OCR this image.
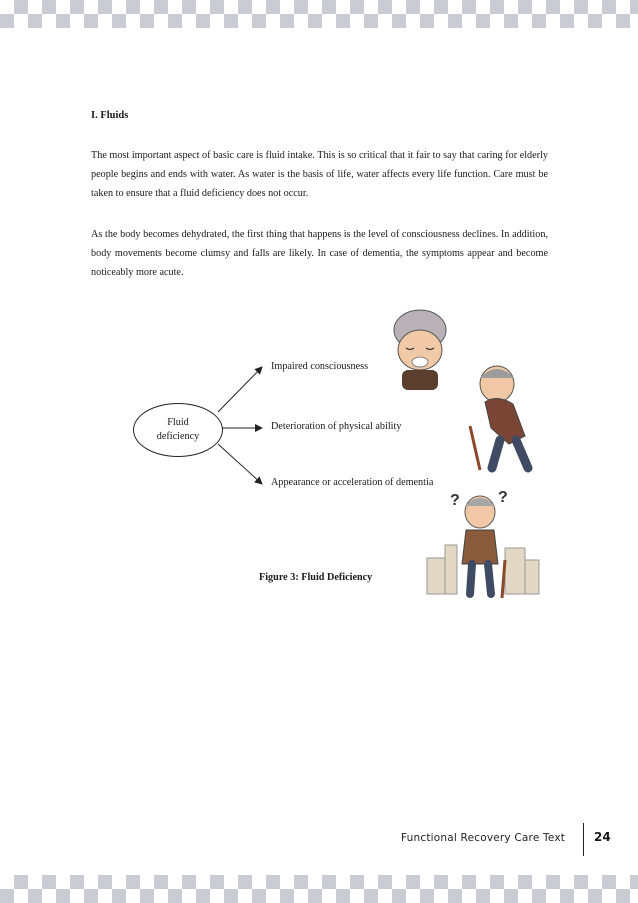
I. Fluids

The most important aspect of basic care is fluid intake. This is so critical that it fair to say that caring for elderly people begins and ends with water. As water is the basis of life, water affects every life function. Care must be taken to ensure that a fluid deficiency does not occur.

As the body becomes dehydrated, the first thing that happens is the level of consciousness declines. In addition, body movements become clumsy and falls are likely. In case of dementia, the symptoms appear and become noticeably more acute.

? ?
Fluid
deficiency
Impaired consciousness
Deterioration of physical ability
Appearance or acceleration of dementia
Figure 3: Fluid Deficiency
Functional Recovery Care Text 24
